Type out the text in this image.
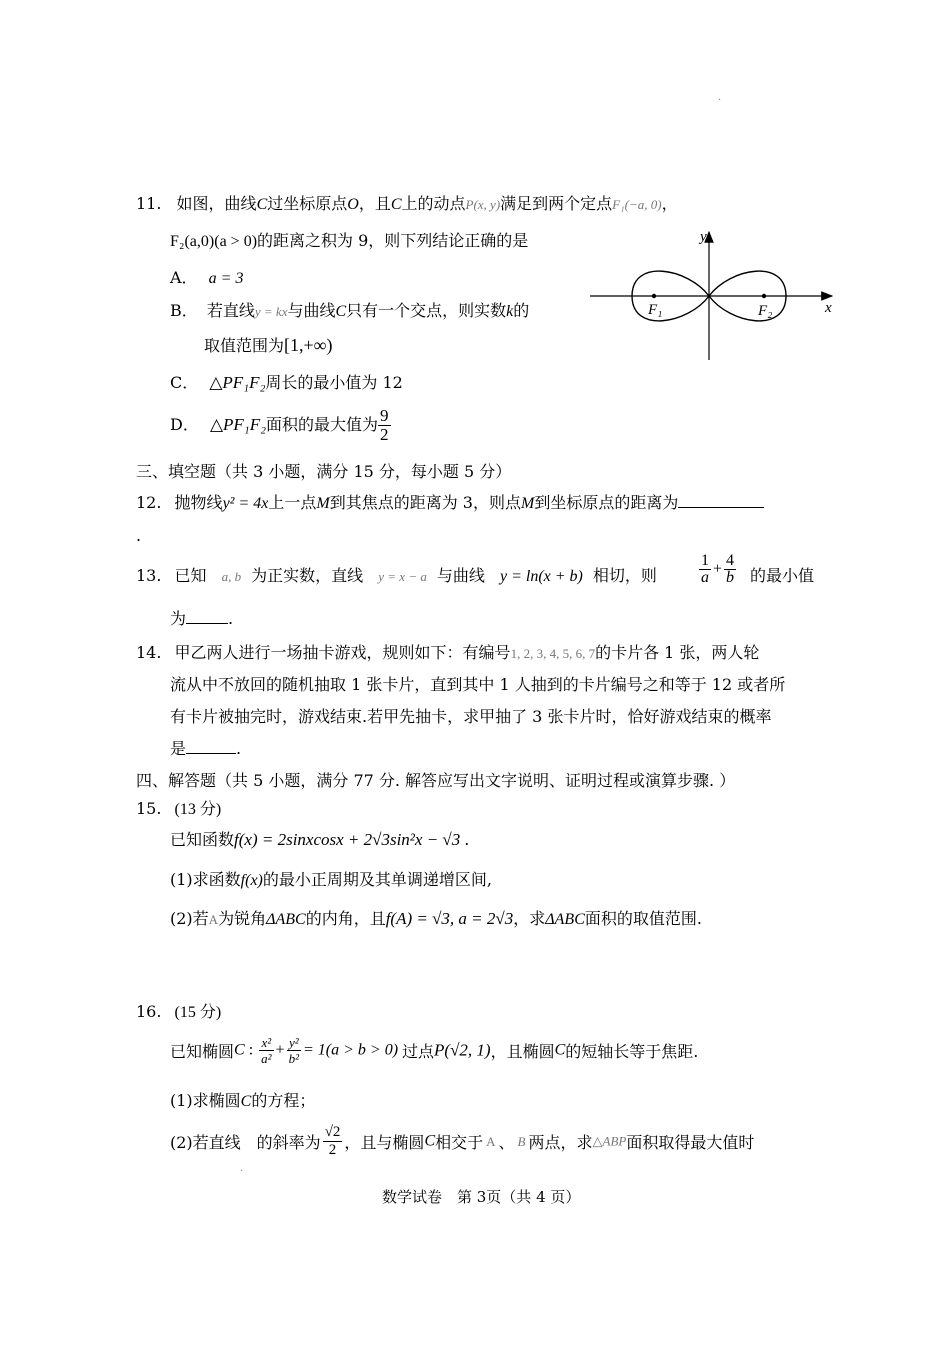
.
11. 如图，曲线C过坐标原点O，且C上的动点P(x, y)满足到两个定点F₁(−a, 0)，
F₂(a,0)(a > 0)的距离之积为 9，则下列结论正确的是
A． a = 3
B． 若直线y = kx与曲线C只有一个交点，则实数k的
取值范围为[1,+∞)
C． △PF₁F₂周长的最小值为 12
D． △PF₁F₂面积的最大值为 $\frac{9}{2}$
y
x
F₁	F₂
三、填空题（共 3 小题，满分 15 分，每小题 5 分）
12. 抛物线y² = 4x上一点M到其焦点的距离为 3，则点M到坐标原点的距离为
.
13. 已知 a, b 为正实数，直线 y = x − a 与曲线 y = ln(x + b) 相切，则	$\frac{1}{a} + \frac{4}{b}$ 的最小值
为	.
14. 甲乙两人进行一场抽卡游戏，规则如下：有编号1, 2, 3, 4, 5, 6, 7的卡片各 1 张，两人轮
流从中不放回的随机抽取 1 张卡片，直到其中 1 人抽到的卡片编号之和等于 12 或者所
有卡片被抽完时，游戏结束.若甲先抽卡，求甲抽了 3 张卡片时，恰好游戏结束的概率
是	.
四、解答题（共 5 小题，满分 77 分. 解答应写出文字说明、证明过程或演算步骤. ）
15. (13 分)
已知函数f(x) = 2sinxcosx + 2√3sin²x − √3 .
(1)求函数f(x)的最小正周期及其单调递增区间,
(2)若A为锐角ΔABC的内角，且f(A) = √3, a = 2√3，求ΔABC面积的取值范围.
16. (15 分)
已知椭圆C : $\frac{\text{x²}}{\text{a²}} + \frac{\text{y²}}{\text{b²}} = 1(a > b > 0)$ 过点P(√2, 1)，且椭圆C的短轴长等于焦距.
(1)求椭圆C的方程；
(2)若直线 的斜率为 $\frac{√2}{2}$ ，且与椭圆C相交于 A 、 B 两点，求△ABP面积取得最大值时
.
数学试卷　第 3页（共 4 页）
